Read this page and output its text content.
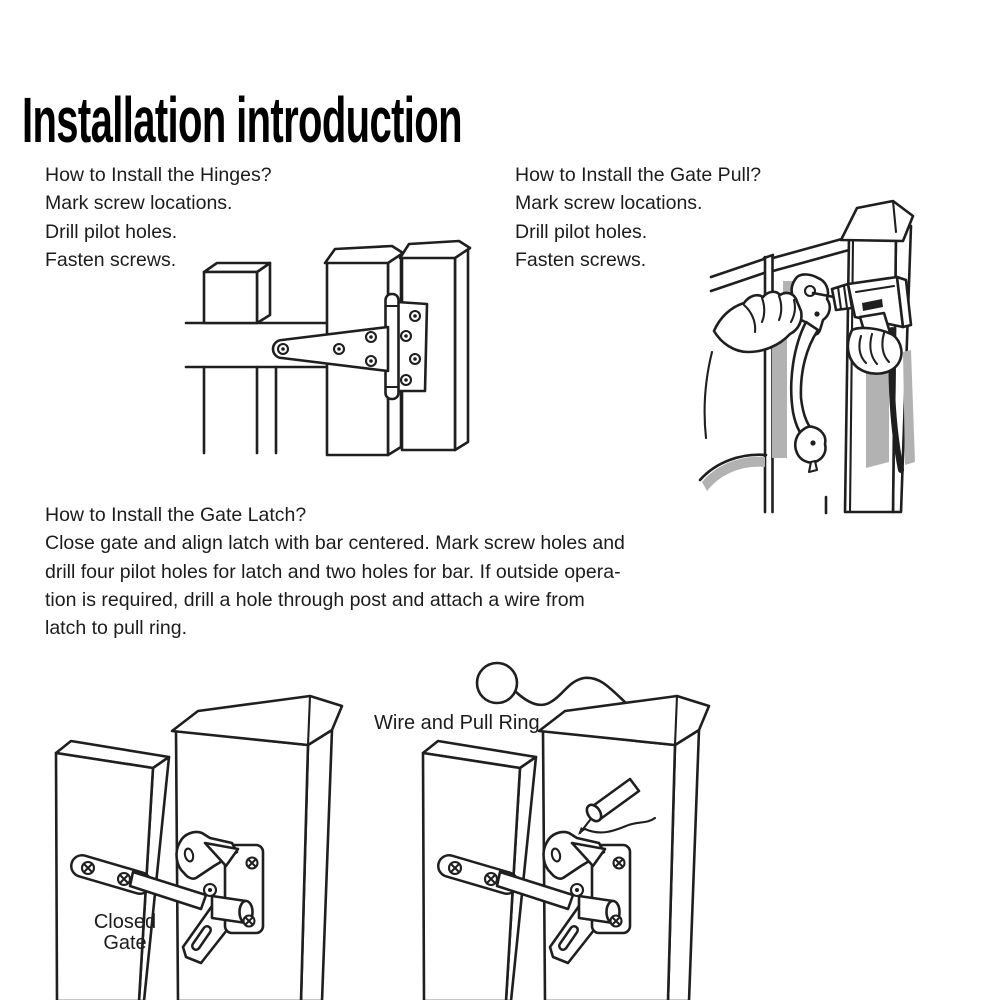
Installation introduction
How to Install the Hinges?
Mark screw locations.
Drill pilot holes.
Fasten screws.
How to Install the Gate Pull?
Mark screw locations.
Drill pilot holes.
Fasten screws.
How to Install the Gate Latch?
Close gate and align latch with bar centered. Mark screw holes and
drill four pilot holes for latch and two holes for bar. If outside opera-
tion is required, drill a hole through post and attach a wire from
latch to pull ring.
Closed
Gate
Wire and Pull Ring
